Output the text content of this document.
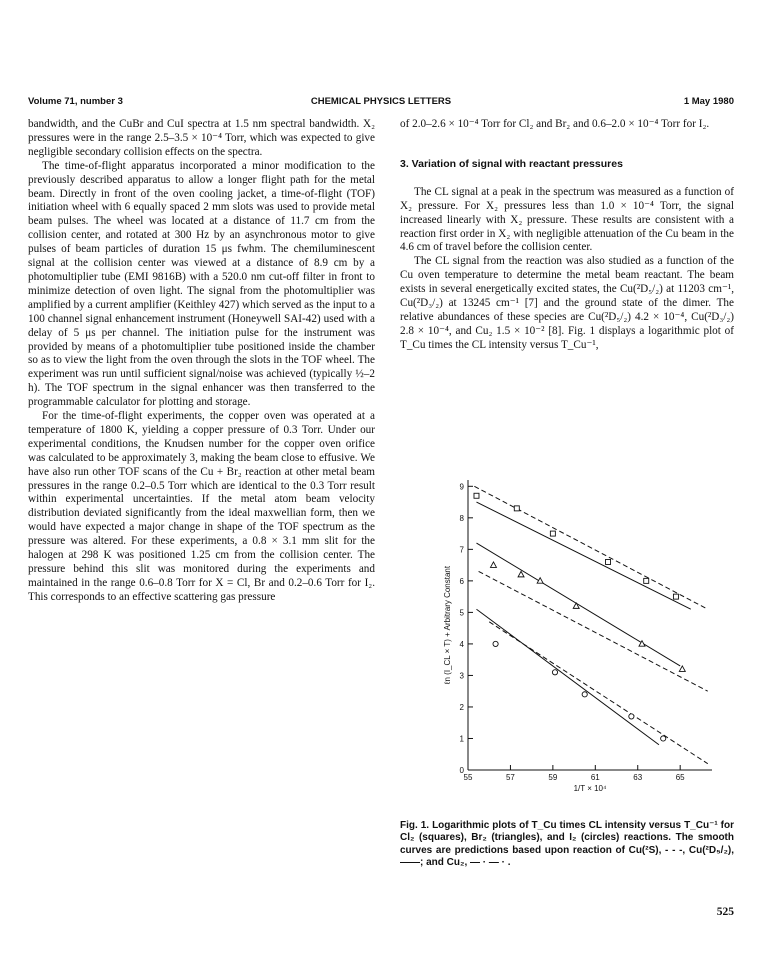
Volume 71, number 3	CHEMICAL PHYSICS LETTERS	1 May 1980

bandwidth, and the CuBr and CuI spectra at 1.5 nm spectral bandwidth. X₂ pressures were in the range 2.5–3.5 × 10⁻⁴ Torr, which was expected to give negligible secondary collision effects on the spectra.

The time-of-flight apparatus incorporated a minor modification to the previously described apparatus to allow a longer flight path for the metal beam. Directly in front of the oven cooling jacket, a time-of-flight (TOF) initiation wheel with 6 equally spaced 2 mm slots was used to provide metal beam pulses. The wheel was located at a distance of 11.7 cm from the collision center, and rotated at 300 Hz by an asynchronous motor to give pulses of beam particles of duration 15 μs fwhm. The chemiluminescent signal at the collision center was viewed at a distance of 8.9 cm by a photomultiplier tube (EMI 9816B) with a 520.0 nm cut-off filter in front to minimize detection of oven light. The signal from the photomultiplier was amplified by a current amplifier (Keithley 427) which served as the input to a 100 channel signal enhancement instrument (Honeywell SAI-42) used with a delay of 5 μs per channel. The initiation pulse for the instrument was provided by means of a photomultiplier tube positioned inside the chamber so as to view the light from the oven through the slots in the TOF wheel. The experiment was run until sufficient signal/noise was achieved (typically ½–2 h). The TOF spectrum in the signal enhancer was then transferred to the programmable calculator for plotting and storage.

For the time-of-flight experiments, the copper oven was operated at a temperature of 1800 K, yielding a copper pressure of 0.3 Torr. Under our experimental conditions, the Knudsen number for the copper oven orifice was calculated to be approximately 3, making the beam close to effusive. We have also run other TOF scans of the Cu + Br₂ reaction at other metal beam pressures in the range 0.2–0.5 Torr which are identical to the 0.3 Torr result within experimental uncertainties. If the metal atom beam velocity distribution deviated significantly from the ideal maxwellian form, then we would have expected a major change in shape of the TOF spectrum as the pressure was altered. For these experiments, a 0.8 × 3.1 mm slit for the halogen at 298 K was positioned 1.25 cm from the collision center. The pressure behind this slit was monitored during the experiments and maintained in the range 0.6–0.8 Torr for X = Cl, Br and 0.2–0.6 Torr for I₂. This corresponds to an effective scattering gas pressure

of 2.0–2.6 × 10⁻⁴ Torr for Cl₂ and Br₂ and 0.6–2.0 × 10⁻⁴ Torr for I₂.

3. Variation of signal with reactant pressures

The CL signal at a peak in the spectrum was measured as a function of X₂ pressure. For X₂ pressures less than 1.0 × 10⁻⁴ Torr, the signal increased linearly with X₂ pressure. These results are consistent with a reaction first order in X₂ with negligible attenuation of the Cu beam in the 4.6 cm of travel before the collision center.

The CL signal from the reaction was also studied as a function of the Cu oven temperature to determine the metal beam reactant. The beam exists in several energetically excited states, the Cu(²D₅/₂) at 11203 cm⁻¹, Cu(²D₃/₂) at 13245 cm⁻¹ [7] and the ground state of the dimer. The relative abundances of these species are Cu(²D₅/₂) 4.2 × 10⁻⁴, Cu(²D₃/₂) 2.8 × 10⁻⁴, and Cu₂ 1.5 × 10⁻² [8]. Fig. 1 displays a logarithmic plot of T_Cu times the CL intensity versus T_Cu⁻¹,

0
1
2
3
4
5
6
7
8
9
55	57	59	61	63	65
1/T × 10⁴
ℓn (I_CL × T) + Arbitrary Constant
Fig. 1. Logarithmic plots of T_Cu times CL intensity versus T_Cu⁻¹ for Cl₂ (squares), Br₂ (triangles), and I₂ (circles) reactions. The smooth curves are predictions based upon reaction of Cu(²S), - - -, Cu(²D₅/₂), ——; and Cu₂, — · — · .
525
